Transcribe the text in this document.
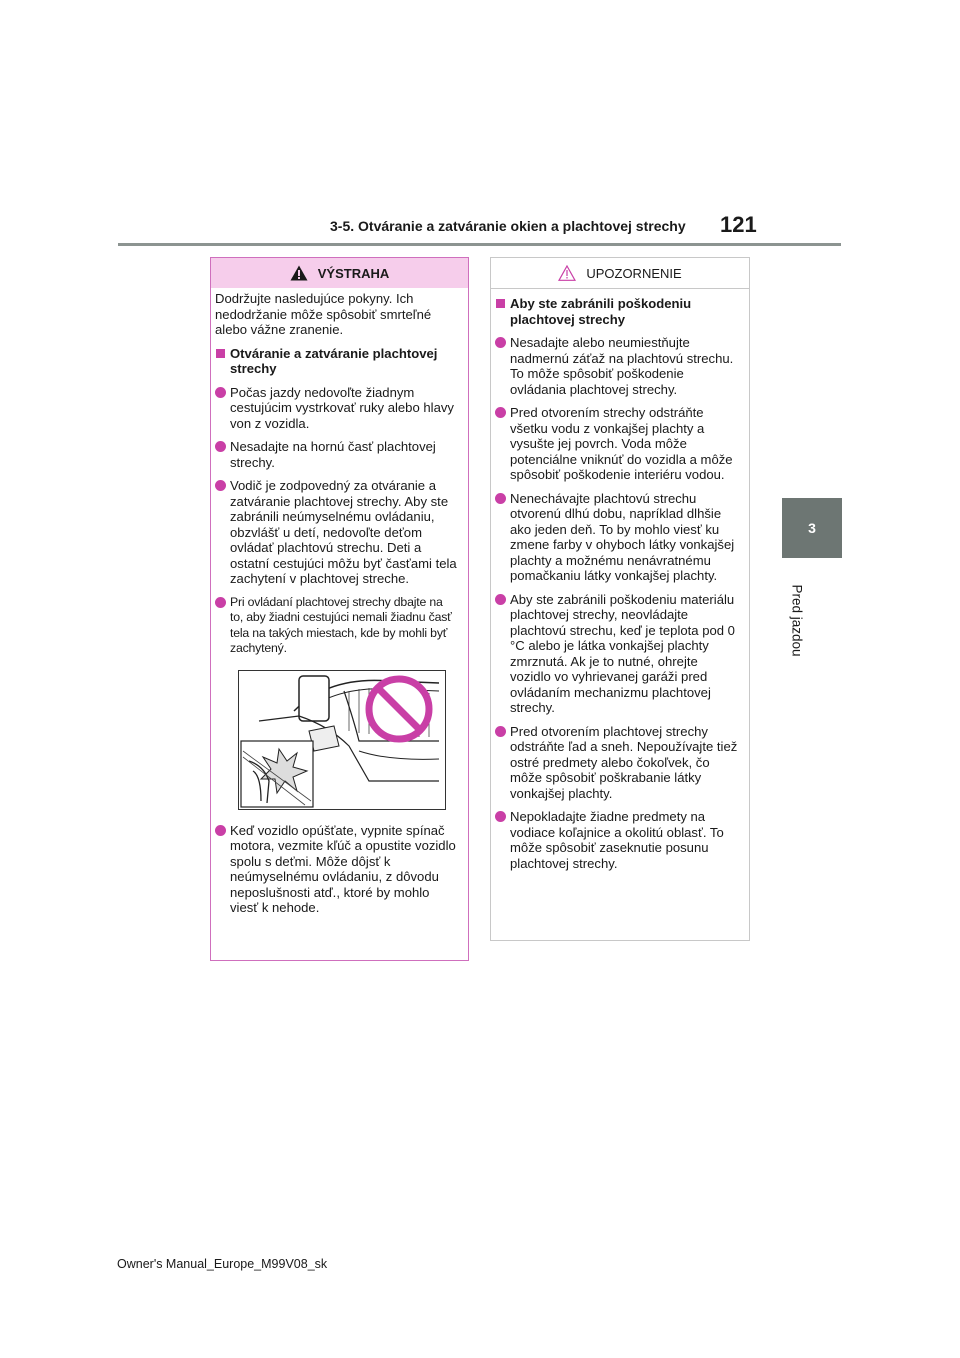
3-5. Otváranie a zatváranie okien a plachtovej strechy 121
3
Pred jazdou
VÝSTRAHA

Dodržujte nasledujúce pokyny. Ich nedodržanie môže spôsobiť smrteľné alebo vážne zranenie.

Otváranie a zatváranie plachtovej strechy

Počas jazdy nedovoľte žiadnym cestujúcim vystrkovať ruky alebo hlavy von z vozidla.

Nesadajte na hornú časť plachtovej strechy.

Vodič je zodpovedný za otváranie a zatváranie plachtovej strechy. Aby ste zabránili neúmyselnému ovládaniu, obzvlášť u detí, nedovoľte deťom ovládať plachtovú strechu. Deti a ostatní cestujúci môžu byť časťami tela zachytení v plachtovej streche.

Pri ovládaní plachtovej strechy dbajte na to, aby žiadni cestujúci nemali žiadnu časť tela na takých miestach, kde by mohli byť zachytený.

Keď vozidlo opúšťate, vypnite spínač motora, vezmite kľúč a opustite vozidlo spolu s deťmi. Môže dôjsť k neúmyselnému ovládaniu, z dôvodu neposlušnosti atď., ktoré by mohlo viesť k nehode.

UPOZORNENIE

Aby ste zabránili poškodeniu plachtovej strechy

Nesadajte alebo neumiestňujte nadmernú záťaž na plachtovú strechu. To môže spôsobiť poškodenie ovládania plachtovej strechy.

Pred otvorením strechy odstráňte všetku vodu z vonkajšej plachty a vysušte jej povrch. Voda môže potenciálne vniknúť do vozidla a môže spôsobiť poškodenie interiéru vodou.

Nenechávajte plachtovú strechu otvorenú dlhú dobu, napríklad dlhšie ako jeden deň. To by mohlo viesť ku zmene farby v ohyboch látky vonkajšej plachty a možnému nenávratnému pomačkaniu látky vonkajšej plachty.

Aby ste zabránili poškodeniu materiálu plachtovej strechy, neovládajte plachtovú strechu, keď je teplota pod 0 °C alebo je látka vonkajšej plachty zmrznutá. Ak je to nutné, ohrejte vozidlo vo vyhrievanej garáži pred ovládaním mechanizmu plachtovej strechy.

Pred otvorením plachtovej strechy odstráňte ľad a sneh. Nepoužívajte tiež ostré predmety alebo čokoľvek, čo môže spôsobiť poškrabanie látky vonkajšej plachty.

Nepokladajte žiadne predmety na vodiace koľajnice a okolitú oblasť. To môže spôsobiť zaseknutie posunu plachtovej strechy.

Owner's Manual_Europe_M99V08_sk
